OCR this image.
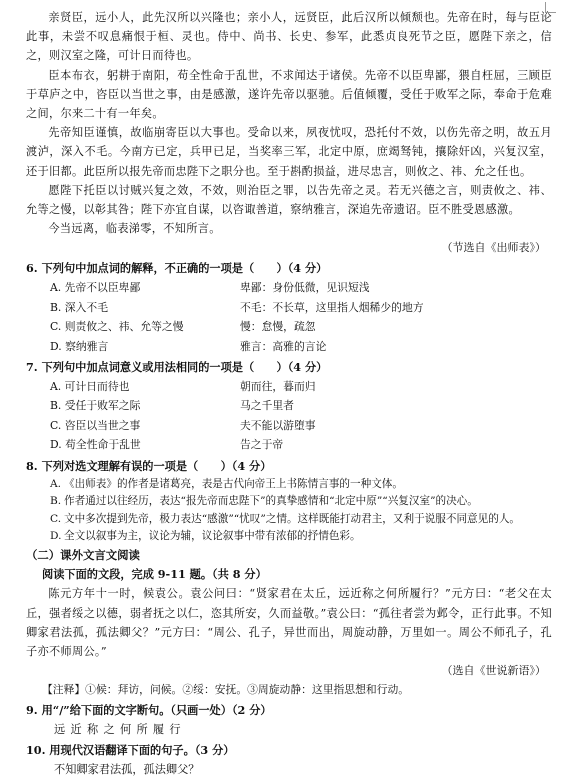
亲贤臣，远小人，此先汉所以兴隆也；亲小人，远贤臣，此后汉所以倾颓也。先帝在时，每与臣论此事，未尝不叹息痛恨于桓、灵也。侍中、尚书、长史、参军，此悉贞良死节之臣，愿陛下亲之，信之，则汉室之隆，可计日而待也。

臣本布衣，躬耕于南阳，苟全性命于乱世，不求闻达于诸侯。先帝不以臣卑鄙，猥自枉屈，三顾臣于草庐之中，咨臣以当世之事，由是感激，遂许先帝以驱驰。后值倾覆，受任于败军之际，奉命于危难之间，尔来二十有一年矣。

先帝知臣谨慎，故临崩寄臣以大事也。受命以来，夙夜忧叹，恐托付不效，以伤先帝之明，故五月渡泸，深入不毛。今南方已定，兵甲已足，当奖率三军，北定中原，庶竭驽钝，攘除奸凶，兴复汉室，还于旧都。此臣所以报先帝而忠陛下之职分也。至于斟酌损益，进尽忠言，则攸之、祎、允之任也。

愿陛下托臣以讨贼兴复之效，不效，则治臣之罪，以告先帝之灵。若无兴德之言，则责攸之、祎、允等之慢，以彰其咎；陛下亦宜自谋，以咨诹善道，察纳雅言，深追先帝遗诏。臣不胜受恩感激。

今当远离，临表涕零，不知所言。

（节选自《出师表》）

6. 下列句中加点词的解释，不正确的一项是（　　）（4 分）

A. 先帝不以臣卑鄙	卑鄙：身份低微，见识短浅
B. 深入不毛	不毛：不长草，这里指人烟稀少的地方
C. 则责攸之、祎、允等之慢	慢：怠慢，疏忽
D. 察纳雅言	雅言：高雅的言论

7. 下列句中加点词意义或用法相同的一项是（　　）（4 分）

A. 可计日而待也	朝而往，暮而归
B. 受任于败军之际	马之千里者
C. 咨臣以当世之事	夫不能以游堕事
D. 苟全性命于乱世	告之于帝

8. 下列对选文理解有误的一项是（　　）（4 分）

A. 《出师表》的作者是诸葛亮，表是古代向帝王上书陈情言事的一种文体。
B. 作者通过以往经历，表达“报先帝而忠陛下”的真挚感情和“北定中原”“兴复汉室”的决心。
C. 文中多次提到先帝，极力表达“感激”“忧叹”之情。这样既能打动君主，又利于说服不同意见的人。
D. 全文以叙事为主，议论为辅，议论叙事中带有浓郁的抒情色彩。

（二）课外文言文阅读

阅读下面的文段，完成 9-11 题。（共 8 分）

陈元方年十一时，候袁公。袁公问曰：“贤家君在太丘，远近称之何所履行？”元方曰：“老父在太丘，强者绥之以德，弱者抚之以仁，恣其所安，久而益敬。”袁公曰：“孤往者尝为邺令，正行此事。不知卿家君法孤，孤法卿父？”元方曰：“周公、孔子，异世而出，周旋动静，万里如一。周公不师孔子，孔子亦不师周公。”

（选自《世说新语》）

【注释】①候：拜访，问候。②绥：安抚。③周旋动静：这里指思想和行动。

9. 用“/”给下面的文字断句。（只画一处）（2 分）

远近称之何所履行

10. 用现代汉语翻译下面的句子。（3 分）

不知卿家君法孤，孤法卿父？
